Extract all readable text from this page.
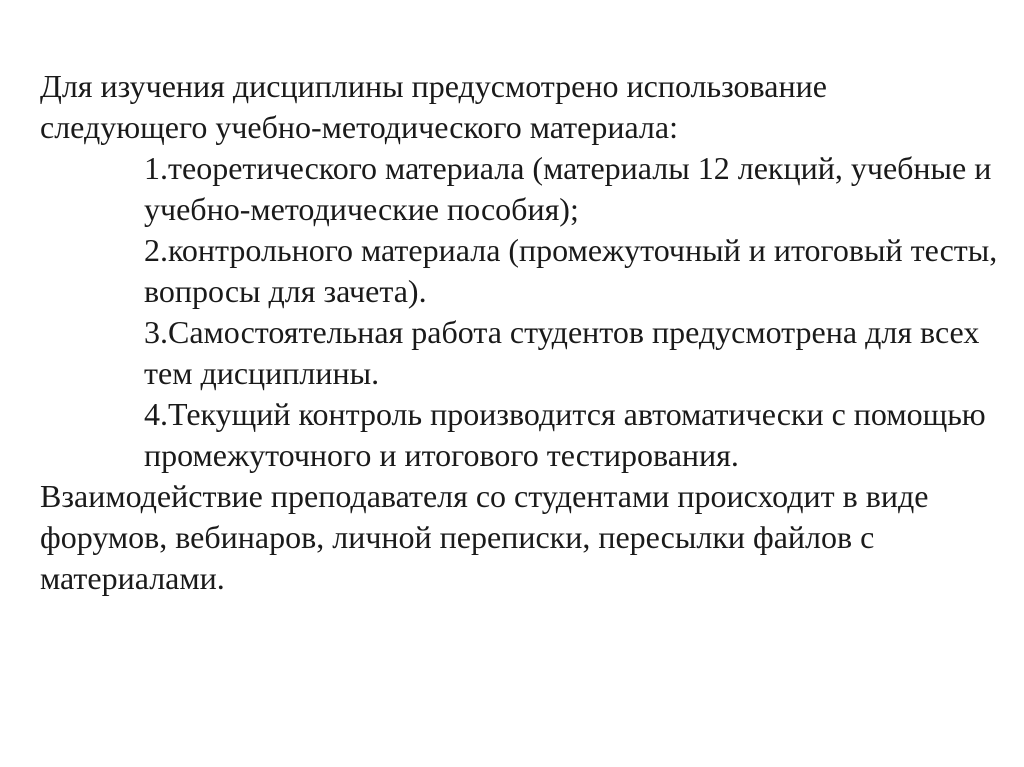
Для изучения дисциплины предусмотрено использование следующего учебно-методического материала:

1.теоретического материала (материалы 12 лекций, учебные и учебно-методические пособия);
2.контрольного материала (промежуточный и итоговый тесты, вопросы для зачета).
3.Самостоятельная работа студентов предусмотрена для всех тем дисциплины.
4.Текущий контроль производится автоматически с помощью промежуточного и итогового тестирования.

Взаимодействие преподавателя со студентами происходит в виде форумов, вебинаров, личной переписки, пересылки файлов с материалами.
